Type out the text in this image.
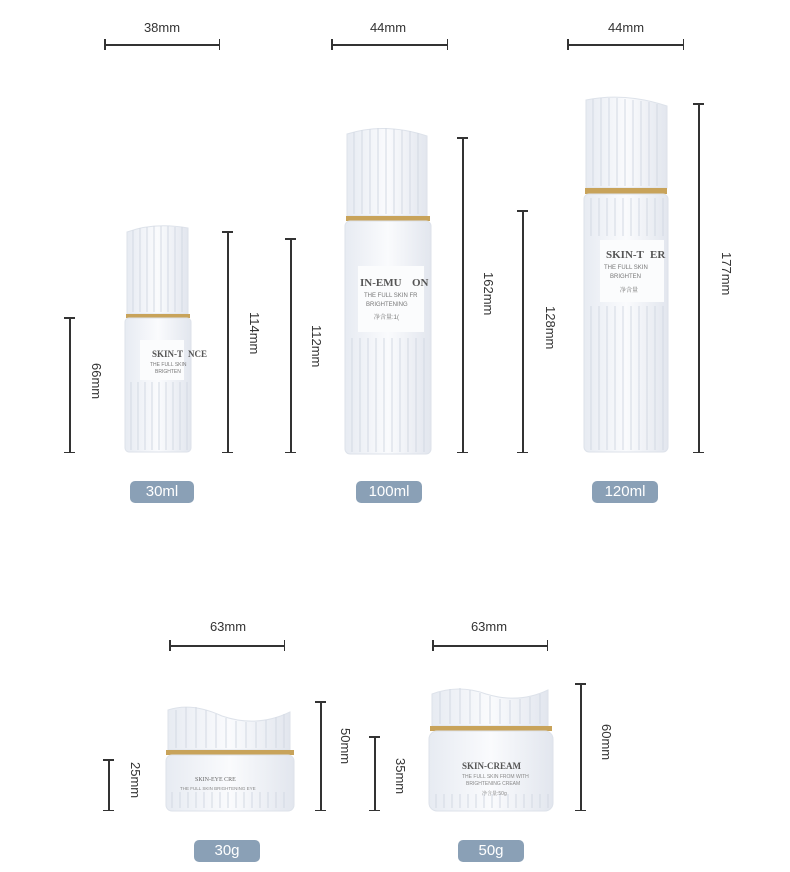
38mm
66mm
114mm
SKIN-T NCE
THE FULL SKIN
BRIGHTEN
30ml
44mm
112mm
162mm
IN-EMU ON
THE FULL SKIN FR
BRIGHTENING
净含量:1(
100ml
44mm
128mm
177mm
SKIN-T ER
THE FULL SKIN
BRIGHTEN
净含量
120ml
63mm
25mm
50mm
SKIN-EYE CRE
THE FULL SKIN BRIGHTENING EYE
30g
63mm
35mm
60mm
SKIN-CREAM
THE FULL SKIN FROM WITH
BRIGHTENING CREAM
净含量:50g
50g
